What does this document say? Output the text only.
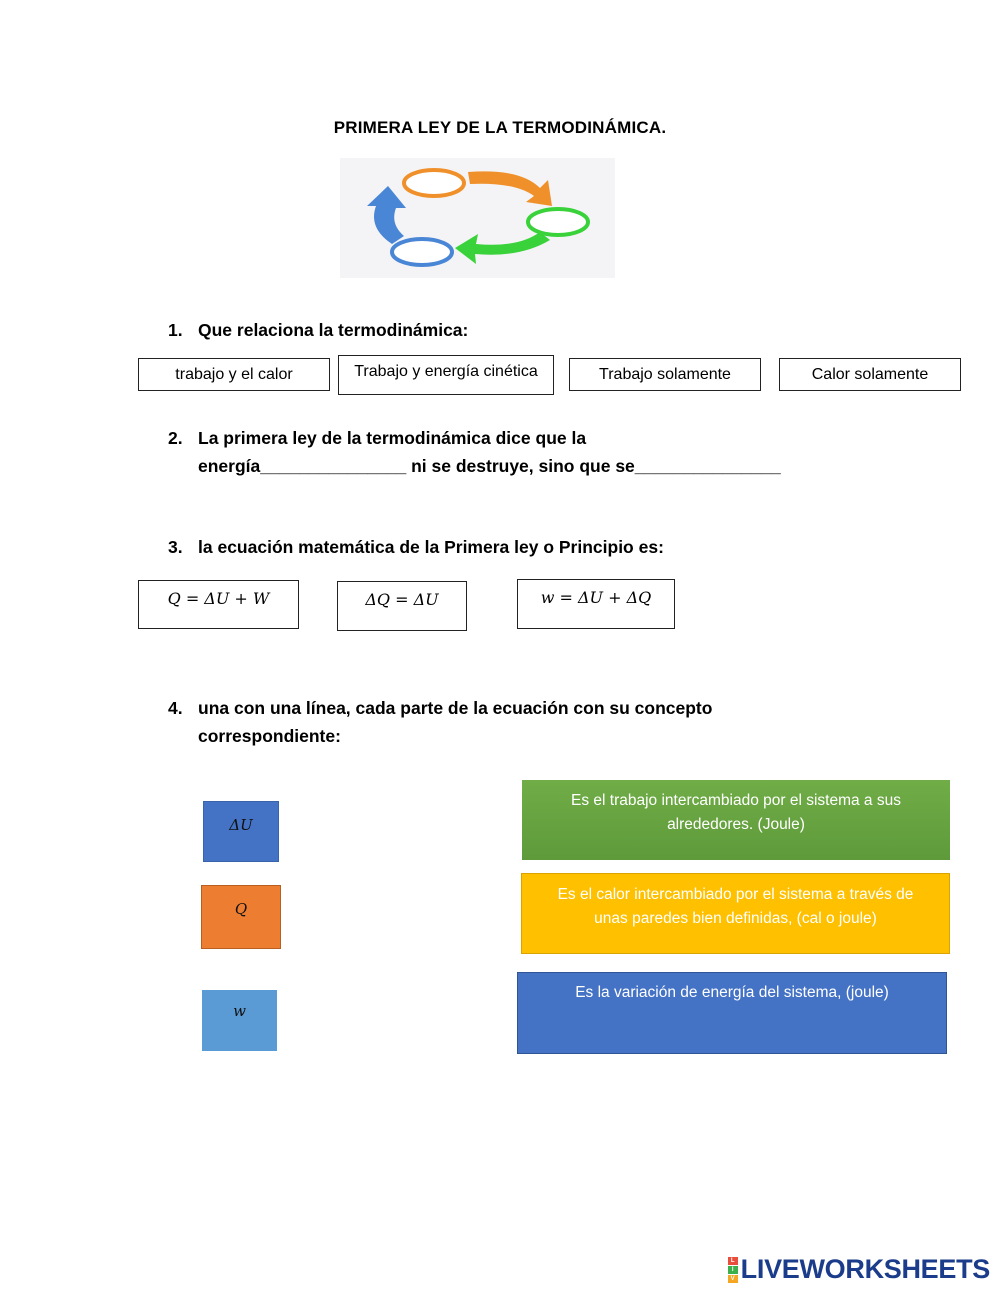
PRIMERA LEY DE LA TERMODINÁMICA.
1. Que relaciona la termodinámica:
trabajo y el calor	Trabajo y energía cinética	Trabajo solamente	Calor solamente
2. La primera ley de la termodinámica dice que la
energía_______________ ni se destruye, sino que se_______________
3. la ecuación matemática de la Primera ley o Principio es:
Q = ΔU + W	ΔQ = ΔU	w = ΔU + ΔQ
4. una con una línea, cada parte de la ecuación con su concepto
correspondiente:
ΔU
Q
w
Es el trabajo intercambiado por el sistema a sus alrededores. (Joule)
Es el calor intercambiado por el sistema a través de unas paredes bien definidas, (cal o joule)
Es la variación de energía del sistema, (joule)
L
I
V LIVEWORKSHEETS
